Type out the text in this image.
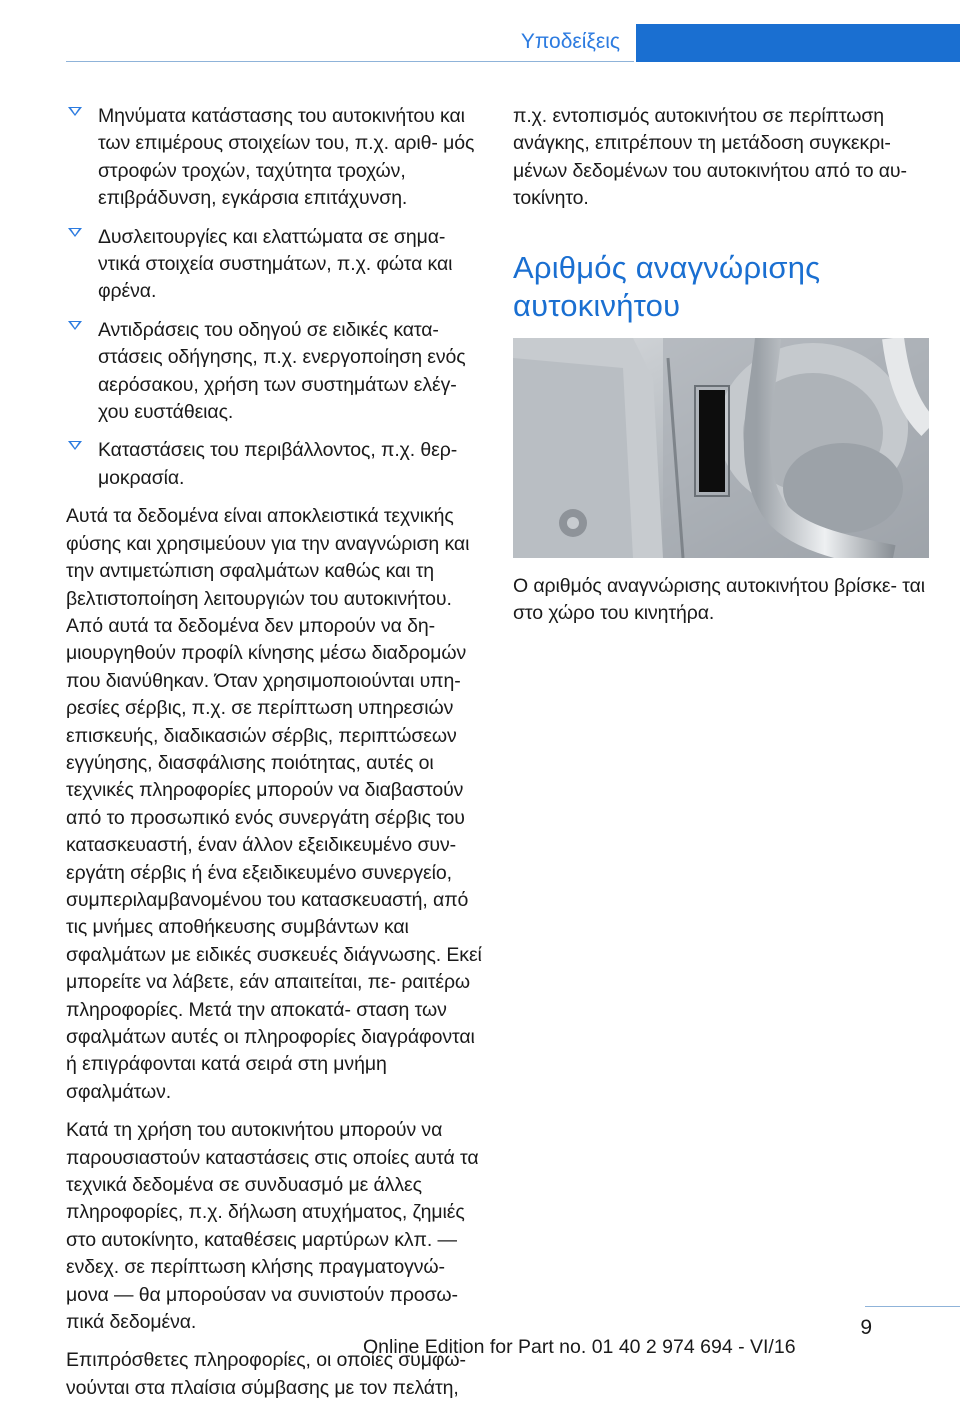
Υποδείξεις
Μηνύματα κατάστασης του αυτοκινήτου και των επιμέρους στοιχείων του, π.χ. αριθ‐ μός στροφών τροχών, ταχύτητα τροχών, επιβράδυνση, εγκάρσια επιτάχυνση.
Δυσλειτουργίες και ελαττώματα σε σημα‐ ντικά στοιχεία συστημάτων, π.χ. φώτα και φρένα.
Αντιδράσεις του οδηγού σε ειδικές κατα‐ στάσεις οδήγησης, π.χ. ενεργοποίηση ενός αερόσακου, χρήση των συστημάτων ελέγ‐ χου ευστάθειας.
Καταστάσεις του περιβάλλοντος, π.χ. θερ‐ μοκρασία.

Αυτά τα δεδομένα είναι αποκλειστικά τεχνικής φύσης και χρησιμεύουν για την αναγνώριση και την αντιμετώπιση σφαλμάτων καθώς και τη βελτιστοποίηση λειτουργιών του αυτοκινήτου. Από αυτά τα δεδομένα δεν μπορούν να δη‐ μιουργηθούν προφίλ κίνησης μέσω διαδρομών που διανύθηκαν. Όταν χρησιμοποιούνται υπη‐ ρεσίες σέρβις, π.χ. σε περίπτωση υπηρεσιών επισκευής, διαδικασιών σέρβις, περιπτώσεων εγγύησης, διασφάλισης ποιότητας, αυτές οι τεχνικές πληροφορίες μπορούν να διαβαστούν από το προσωπικό ενός συνεργάτη σέρβις του κατασκευαστή, έναν άλλον εξειδικευμένο συν‐ εργάτη σέρβις ή ένα εξειδικευμένο συνεργείο, συμπεριλαμβανομένου του κατασκευαστή, από τις μνήμες αποθήκευσης συμβάντων και σφαλμάτων με ειδικές συσκευές διάγνωσης. Εκεί μπορείτε να λάβετε, εάν απαιτείται, πε‐ ραιτέρω πληροφορίες. Μετά την αποκατά‐ σταση των σφαλμάτων αυτές οι πληροφορίες διαγράφονται ή επιγράφονται κατά σειρά στη μνήμη σφαλμάτων.

Κατά τη χρήση του αυτοκινήτου μπορούν να παρουσιαστούν καταστάσεις στις οποίες αυτά τα τεχνικά δεδομένα σε συνδυασμό με άλλες πληροφορίες, π.χ. δήλωση ατυχήματος, ζημιές στο αυτοκίνητο, καταθέσεις μαρτύρων κλπ. — ενδεχ. σε περίπτωση κλήσης πραγματογνώ‐ μονα — θα μπορούσαν να συνιστούν προσω‐ πικά δεδομένα.

Επιπρόσθετες πληροφορίες, οι οποίες συμφω‐ νούνται στα πλαίσια σύμβασης με τον πελάτη,

π.χ. εντοπισμός αυτοκινήτου σε περίπτωση ανάγκης, επιτρέπουν τη μετάδοση συγκεκρι‐ μένων δεδομένων του αυτοκινήτου από το αυ‐ τοκίνητο.

Αριθμός αναγνώρισης αυτοκινήτου

Ο αριθμός αναγνώρισης αυτοκινήτου βρίσκε‐ ται στο χώρο του κινητήρα.

9
Online Edition for Part no. 01 40 2 974 694 - VI/16
